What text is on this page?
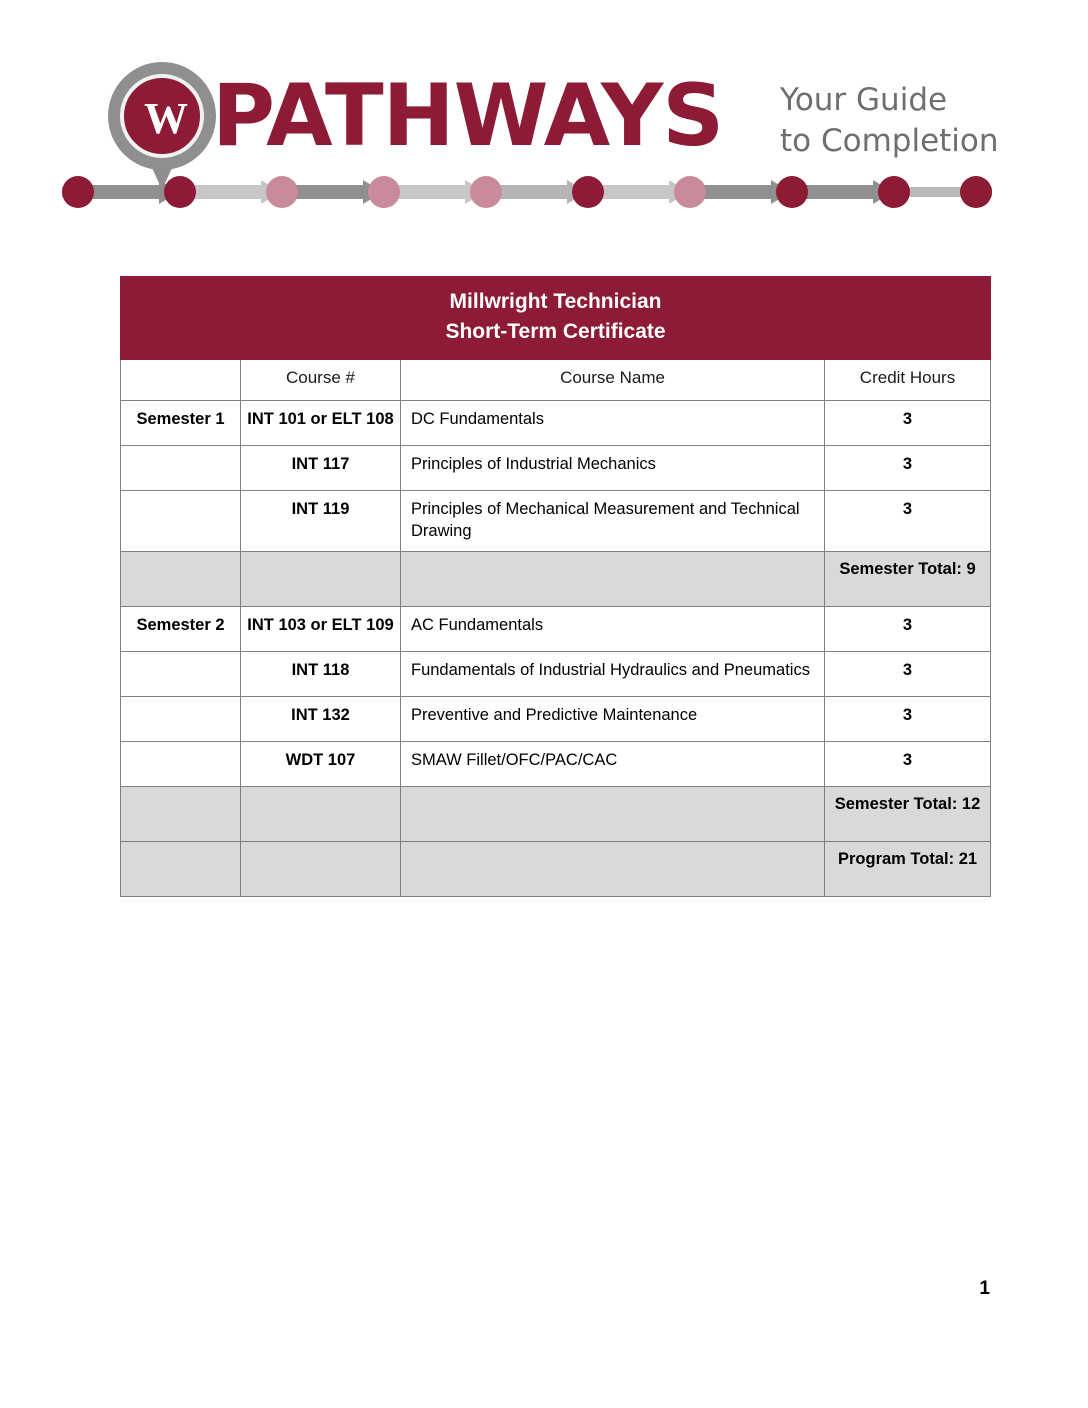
W PATHWAYS Your Guide
to Completion
Millwright Technician
Short-Term Certificate			

	Course #	Course Name	Credit Hours
Semester 1	INT 101 or ELT 108	DC Fundamentals	3
	INT 117	Principles of Industrial Mechanics	3
	INT 119	Principles of Mechanical Measurement and Technical Drawing	3
			Semester Total: 9
Semester 2	INT 103 or ELT 109	AC Fundamentals	3
	INT 118	Fundamentals of Industrial Hydraulics and Pneumatics	3
	INT 132	Preventive and Predictive Maintenance	3
	WDT 107	SMAW Fillet/OFC/PAC/CAC	3
			Semester Total: 12
			Program Total: 21
1
